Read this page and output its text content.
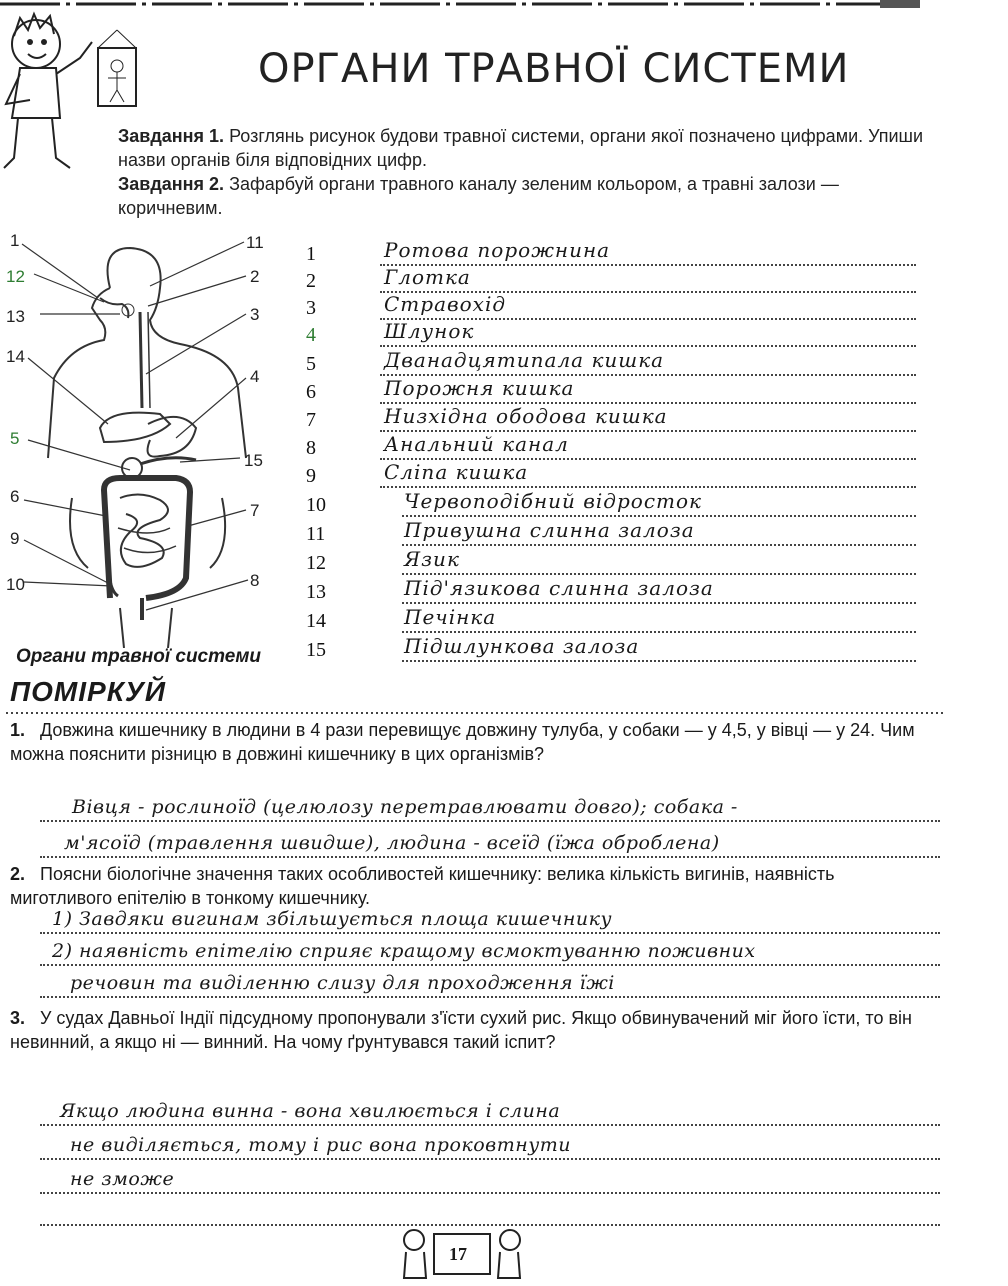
ОРГАНИ ТРАВНОЇ СИСТЕМИ
Завдання 1. Розглянь рисунок будови травної системи, органи якої позначено цифрами. Упиши назви органів біля відповідних цифр.
Завдання 2. Зафарбуй органи травного каналу зеленим кольором, а травні залози — коричневим.
1	11
12	2
13	3
14
4
5
15
6
7
9
8
10
1	Ротова порожнина
2	Глотка
3	Стравохід
4	Шлунок
5	Дванадцятипала кишка
6	Порожня кишка
7	Низхідна ободова кишка
8	Анальний канал
9	Сліпа кишка
10	Червоподібний відросток
11	Привушна слинна залоза
12	Язик
13	Під'язикова слинна залоза
14	Печінка
15	Підшлункова залоза
Органи травної системи
ПОМІРКУЙ
1. Довжина кишечнику в людини в 4 рази перевищує довжину тулуба, у собаки — у 4,5, у вівці — у 24. Чим можна пояснити різницю в довжині кишечнику в цих організмів?
Вівця - рослиноїд (целюлозу перетравлювати довго); собака -
м'ясоїд (травлення швидше), людина - всеїд (їжа оброблена)
2. Поясни біологічне значення таких особливостей кишечнику: велика кількість вигинів, наявність миготливого епітелію в тонкому кишечнику.
1) Завдяки вигинам збільшується площа кишечнику
2) наявність епітелію сприяє кращому всмоктуванню поживних
речовин та виділенню слизу для проходження їжі
3. У судах Давньої Індії підсудному пропонували з'їсти сухий рис. Якщо обвинувачений міг його їсти, то він невинний, а якщо ні — винний. На чому ґрунтувався такий іспит?
Якщо людина винна - вона хвилюється і слина
не виділяється, тому і рис вона проковтнути
не зможе
17
